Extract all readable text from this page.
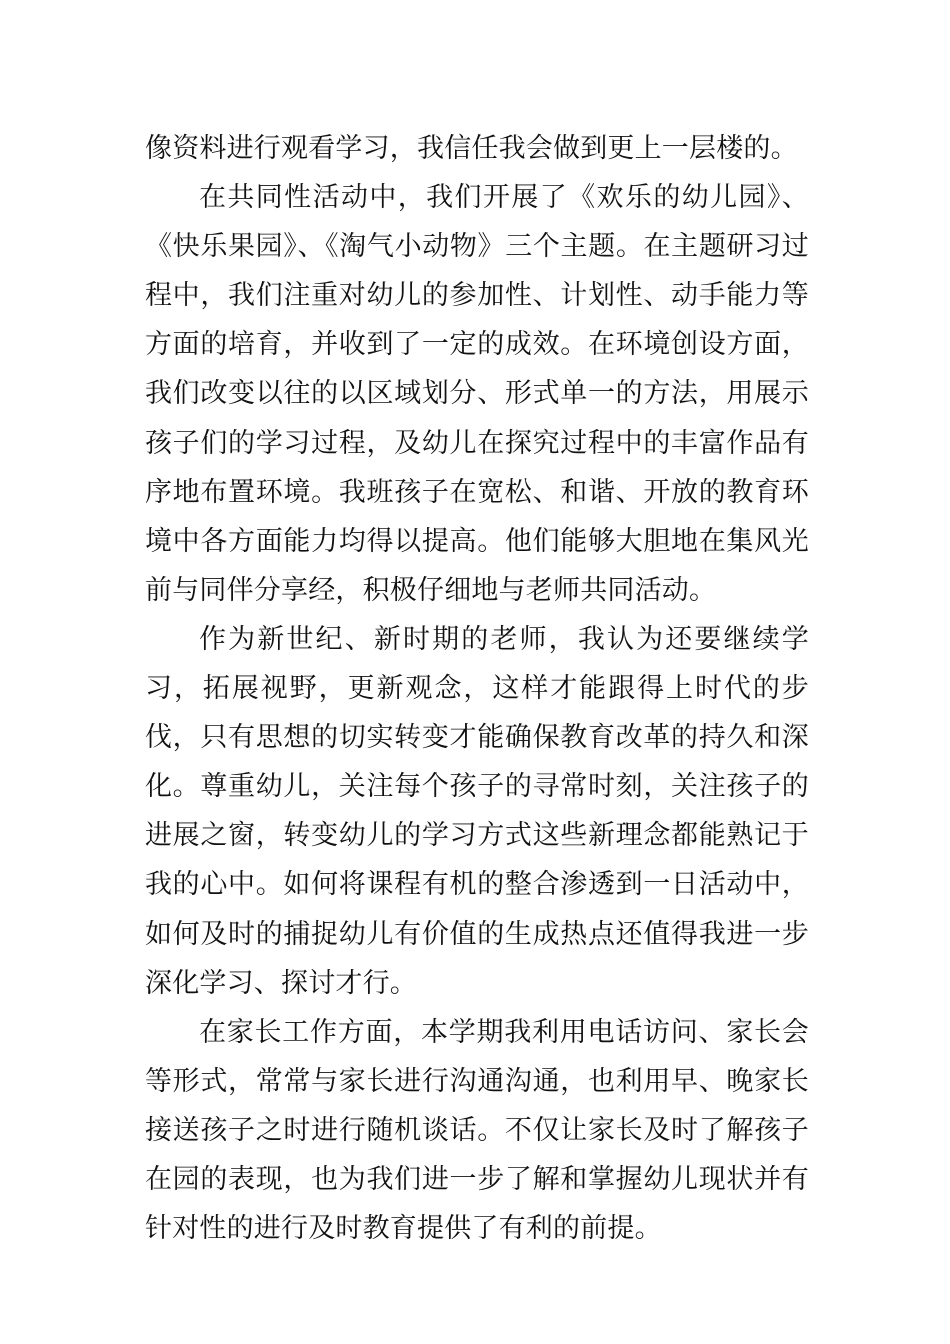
像资料进行观看学习，我信任我会做到更上一层楼的。

在共同性活动中，我们开展了《欢乐的幼儿园》、《快乐果园》、《淘气小动物》三个主题。在主题研习过程中，我们注重对幼儿的参加性、计划性、动手能力等方面的培育，并收到了一定的成效。在环境创设方面，我们改变以往的以区域划分、形式单一的方法，用展示孩子们的学习过程，及幼儿在探究过程中的丰富作品有序地布置环境。我班孩子在宽松、和谐、开放的教育环境中各方面能力均得以提高。他们能够大胆地在集风光前与同伴分享经，积极仔细地与老师共同活动。

作为新世纪、新时期的老师，我认为还要继续学习，拓展视野，更新观念，这样才能跟得上时代的步伐，只有思想的切实转变才能确保教育改革的持久和深化。尊重幼儿，关注每个孩子的寻常时刻，关注孩子的进展之窗，转变幼儿的学习方式这些新理念都能熟记于我的心中。如何将课程有机的整合渗透到一日活动中，如何及时的捕捉幼儿有价值的生成热点还值得我进一步深化学习、探讨才行。

在家长工作方面，本学期我利用电话访问、家长会等形式，常常与家长进行沟通沟通，也利用早、晚家长接送孩子之时进行随机谈话。不仅让家长及时了解孩子在园的表现，也为我们进一步了解和掌握幼儿现状并有针对性的进行及时教育提供了有利的前提。
